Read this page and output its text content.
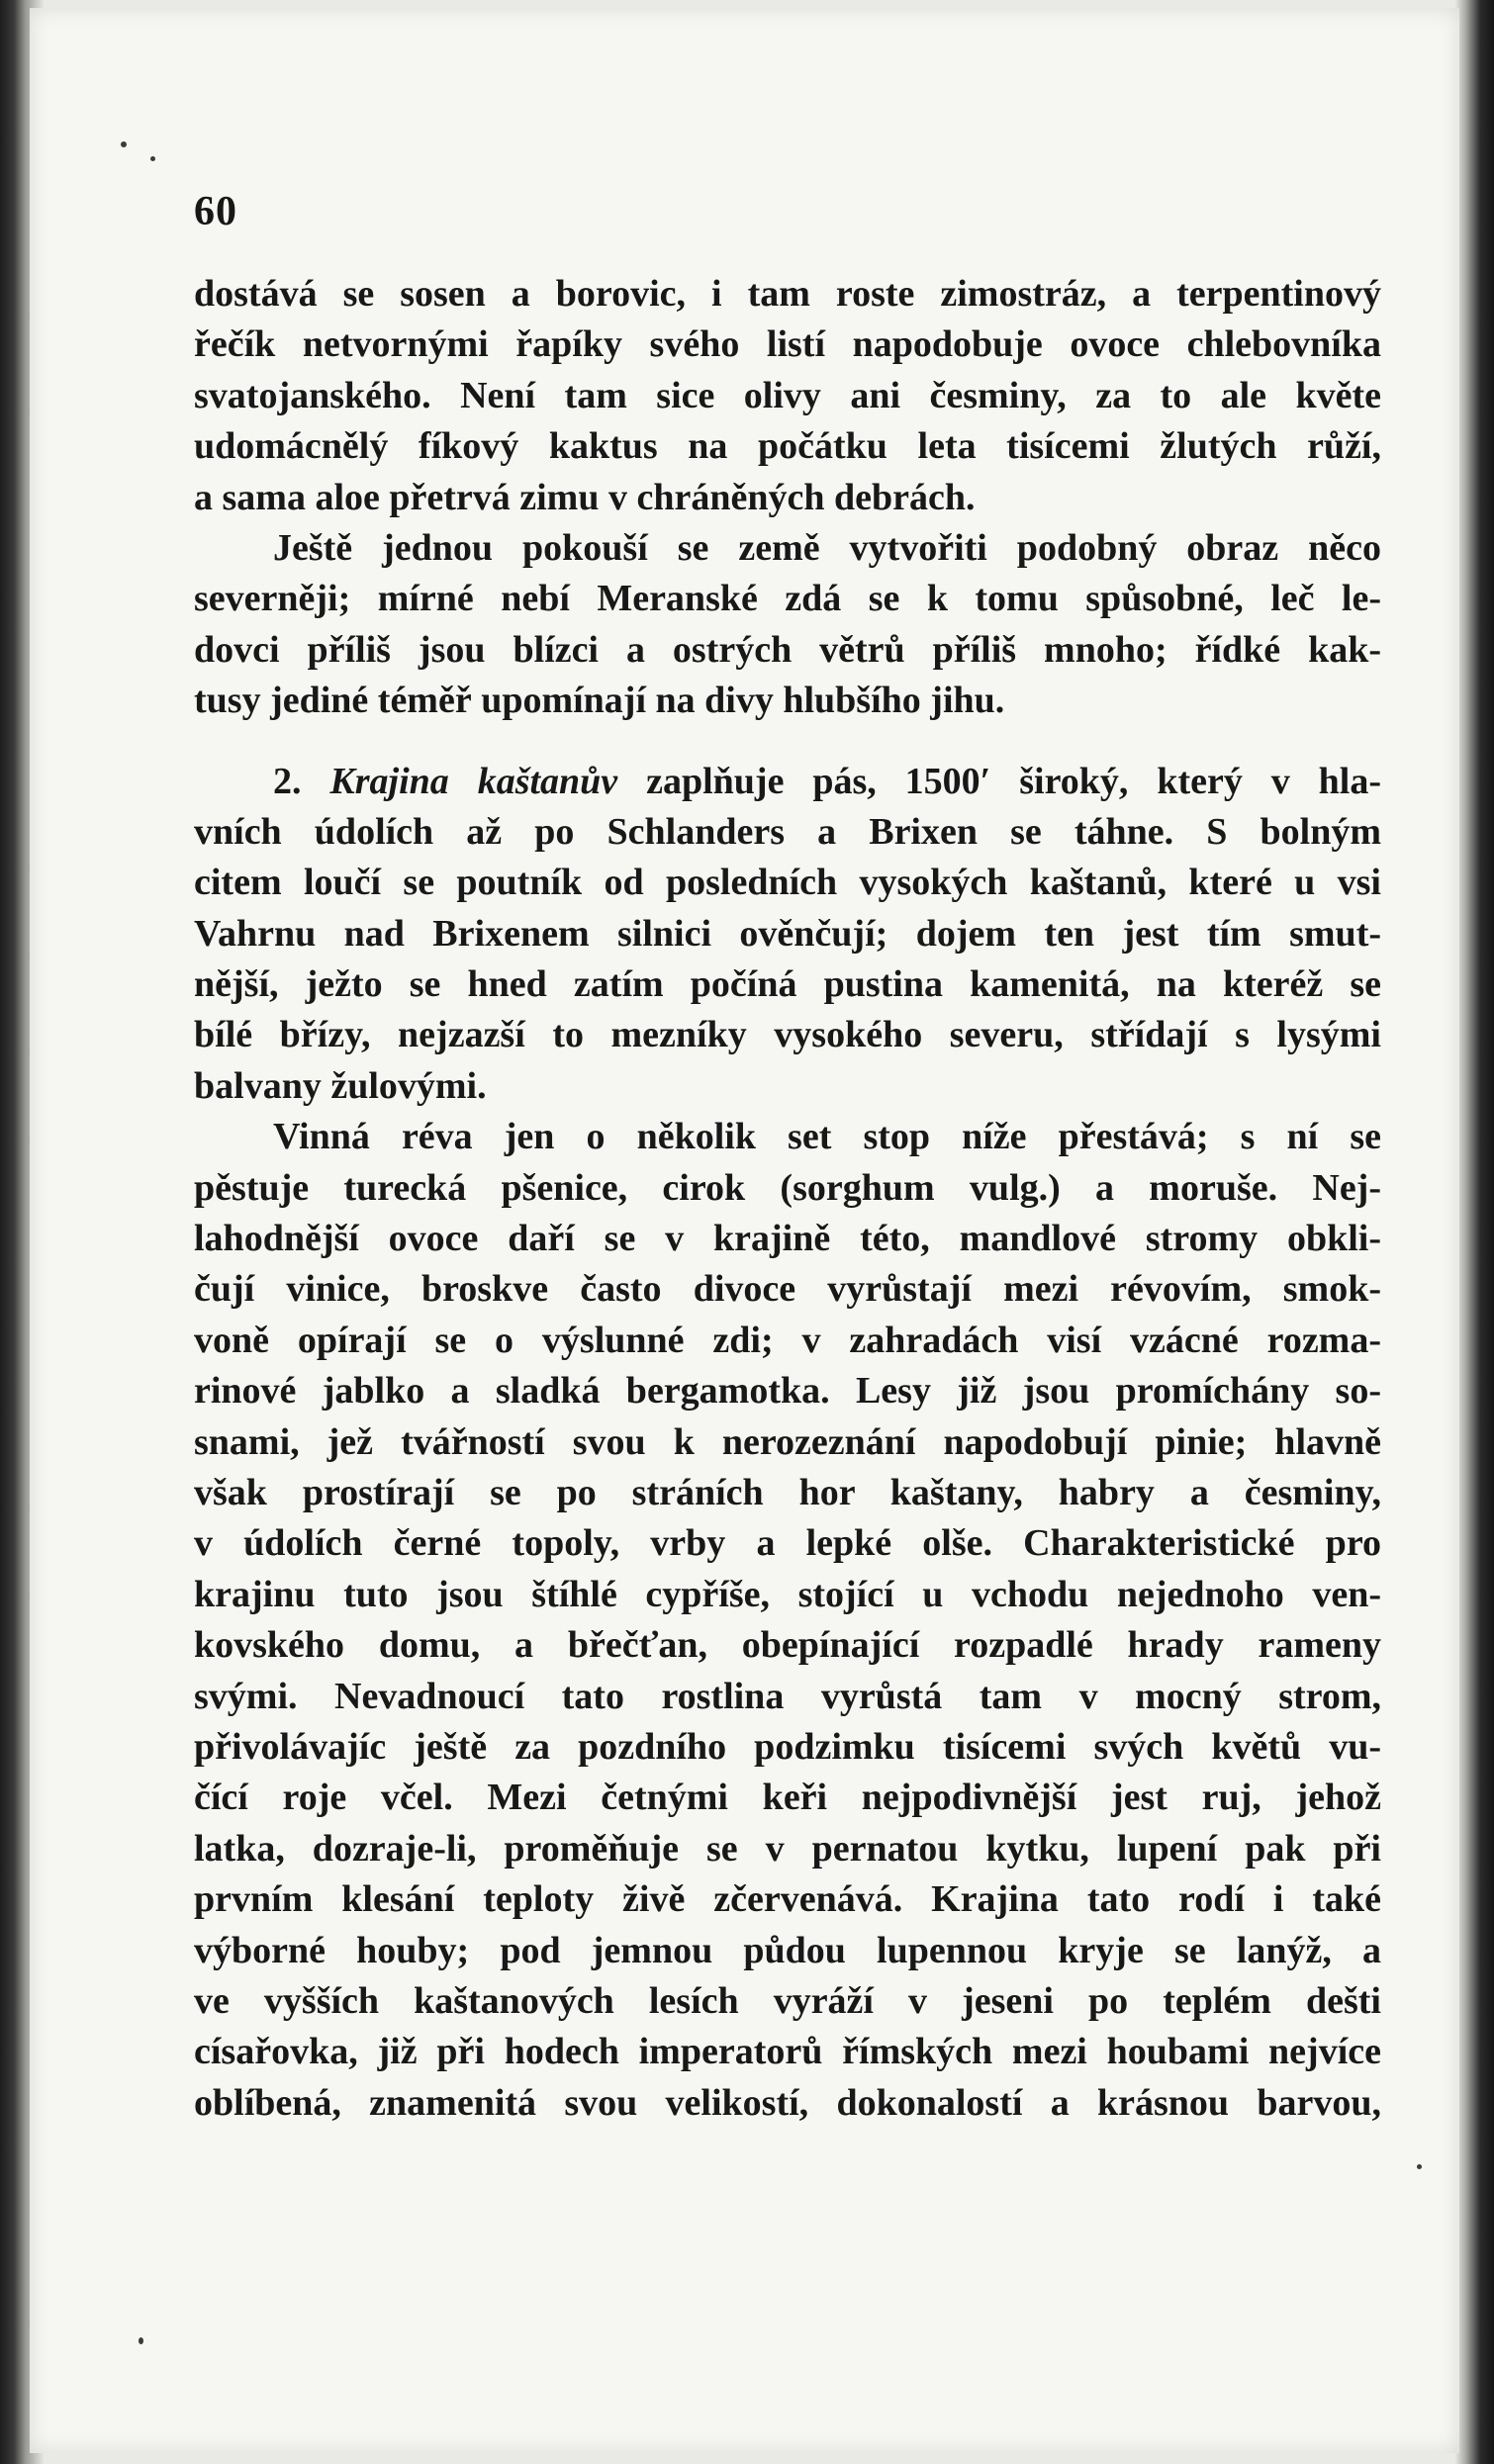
60
dostává se sosen a borovic, i tam roste zimostráz, a terpentinový
řečík netvornými řapíky svého listí napodobuje ovoce chlebovníka
svatojanského. Není tam sice olivy ani česminy, za to ale květe
udomácnělý fíkový kaktus na počátku leta tisícemi žlutých růží,
a sama aloe přetrvá zimu v chráněných debrách.
Ještě jednou pokouší se země vytvořiti podobný obraz něco
severněji; mírné nebí Meranské zdá se k tomu spůsobné, leč le-
dovci příliš jsou blízci a ostrých větrů příliš mnoho; řídké kak-
tusy jediné téměř upomínají na divy hlubšího jihu.
2. Krajina kaštanův zaplňuje pás, 1500′ široký, který v hla-
vních údolích až po Schlanders a Brixen se táhne. S bolným
citem loučí se poutník od posledních vysokých kaštanů, které u vsi
Vahrnu nad Brixenem silnici ověnčují; dojem ten jest tím smut-
nější, ježto se hned zatím počíná pustina kamenitá, na kteréž se
bílé břízy, nejzazší to mezníky vysokého severu, střídají s lysými
balvany žulovými.
Vinná réva jen o několik set stop níže přestává; s ní se
pěstuje turecká pšenice, cirok (sorghum vulg.) a moruše. Nej-
lahodnější ovoce daří se v krajině této, mandlové stromy obkli-
čují vinice, broskve často divoce vyrůstají mezi révovím, smok-
voně opírají se o výslunné zdi; v zahradách visí vzácné rozma-
rinové jablko a sladká bergamotka. Lesy již jsou promíchány so-
snami, jež tvářností svou k nerozeznání napodobují pinie; hlavně
však prostírají se po stráních hor kaštany, habry a česminy,
v údolích černé topoly, vrby a lepké olše. Charakteristické pro
krajinu tuto jsou štíhlé cypříše, stojící u vchodu nejednoho ven-
kovského domu, a břečťan, obepínající rozpadlé hrady rameny
svými. Nevadnoucí tato rostlina vyrůstá tam v mocný strom,
přivolávajíc ještě za pozdního podzimku tisícemi svých květů vu-
čící roje včel. Mezi četnými keři nejpodivnější jest ruj, jehož
latka, dozraje-li, proměňuje se v pernatou kytku, lupení pak při
prvním klesání teploty živě zčervenává. Krajina tato rodí i také
výborné houby; pod jemnou půdou lupennou kryje se lanýž, a
ve vyšších kaštanových lesích vyráží v jeseni po teplém dešti
císařovka, již při hodech imperatorů římských mezi houbami nejvíce
oblíbená, znamenitá svou velikostí, dokonalostí a krásnou barvou,
